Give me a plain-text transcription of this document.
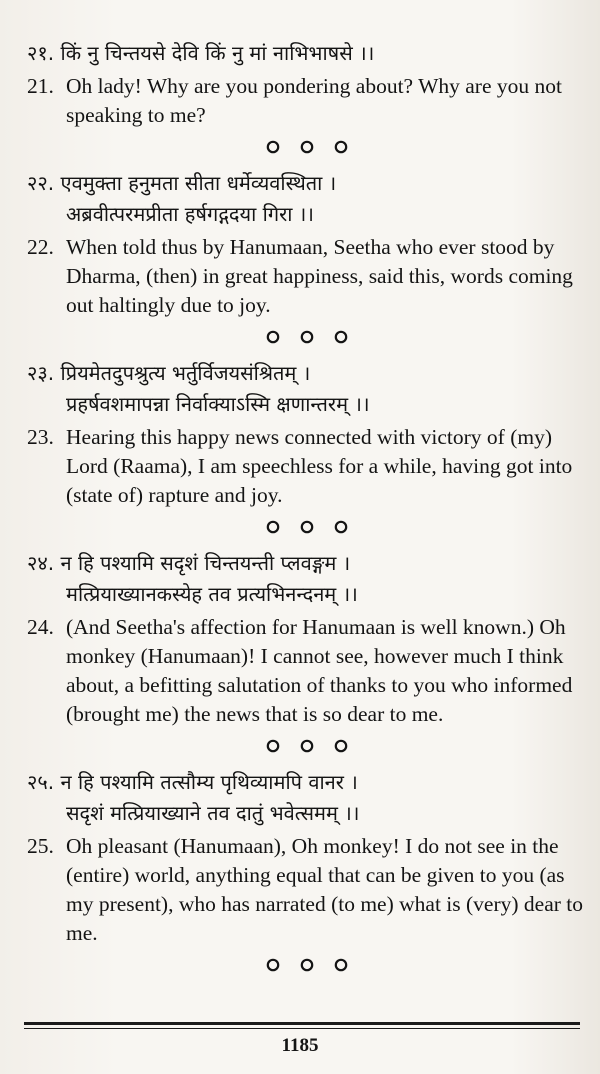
२१. किं नु चिन्तयसे देवि किं नु मां नाभिभाषसे ।।
21. Oh lady! Why are you pondering about? Why are you not speaking to me?
२२. एवमुक्ता हनुमता सीता धर्मेव्यवस्थिता ।
अब्रवीत्परमप्रीता हर्षगद्गदया गिरा ।।
22. When told thus by Hanumaan, Seetha who ever stood by Dharma, (then) in great happiness, said this, words coming out haltingly due to joy.
२३. प्रियमेतदुपश्रुत्य भर्तुर्विजयसंश्रितम् ।
प्रहर्षवशमापन्ना निर्वाक्याऽस्मि क्षणान्तरम् ।।
23. Hearing this happy news connected with victory of (my) Lord (Raama), I am speechless for a while, having got into (state of) rapture and joy.
२४. न हि पश्यामि सदृशं चिन्तयन्ती प्लवङ्गम ।
मत्प्रियाख्यानकस्येह तव प्रत्यभिनन्दनम् ।।
24. (And Seetha's affection for Hanumaan is well known.) Oh monkey (Hanumaan)! I cannot see, however much I think about, a befitting salutation of thanks to you who informed (brought me) the news that is so dear to me.
२५. न हि पश्यामि तत्सौम्य पृथिव्यामपि वानर ।
सदृशं मत्प्रियाख्याने तव दातुं भवेत्समम् ।।
25. Oh pleasant (Hanumaan), Oh monkey! I do not see in the (entire) world, anything equal that can be given to you (as my present), who has narrated (to me) what is (very) dear to me.
1185
